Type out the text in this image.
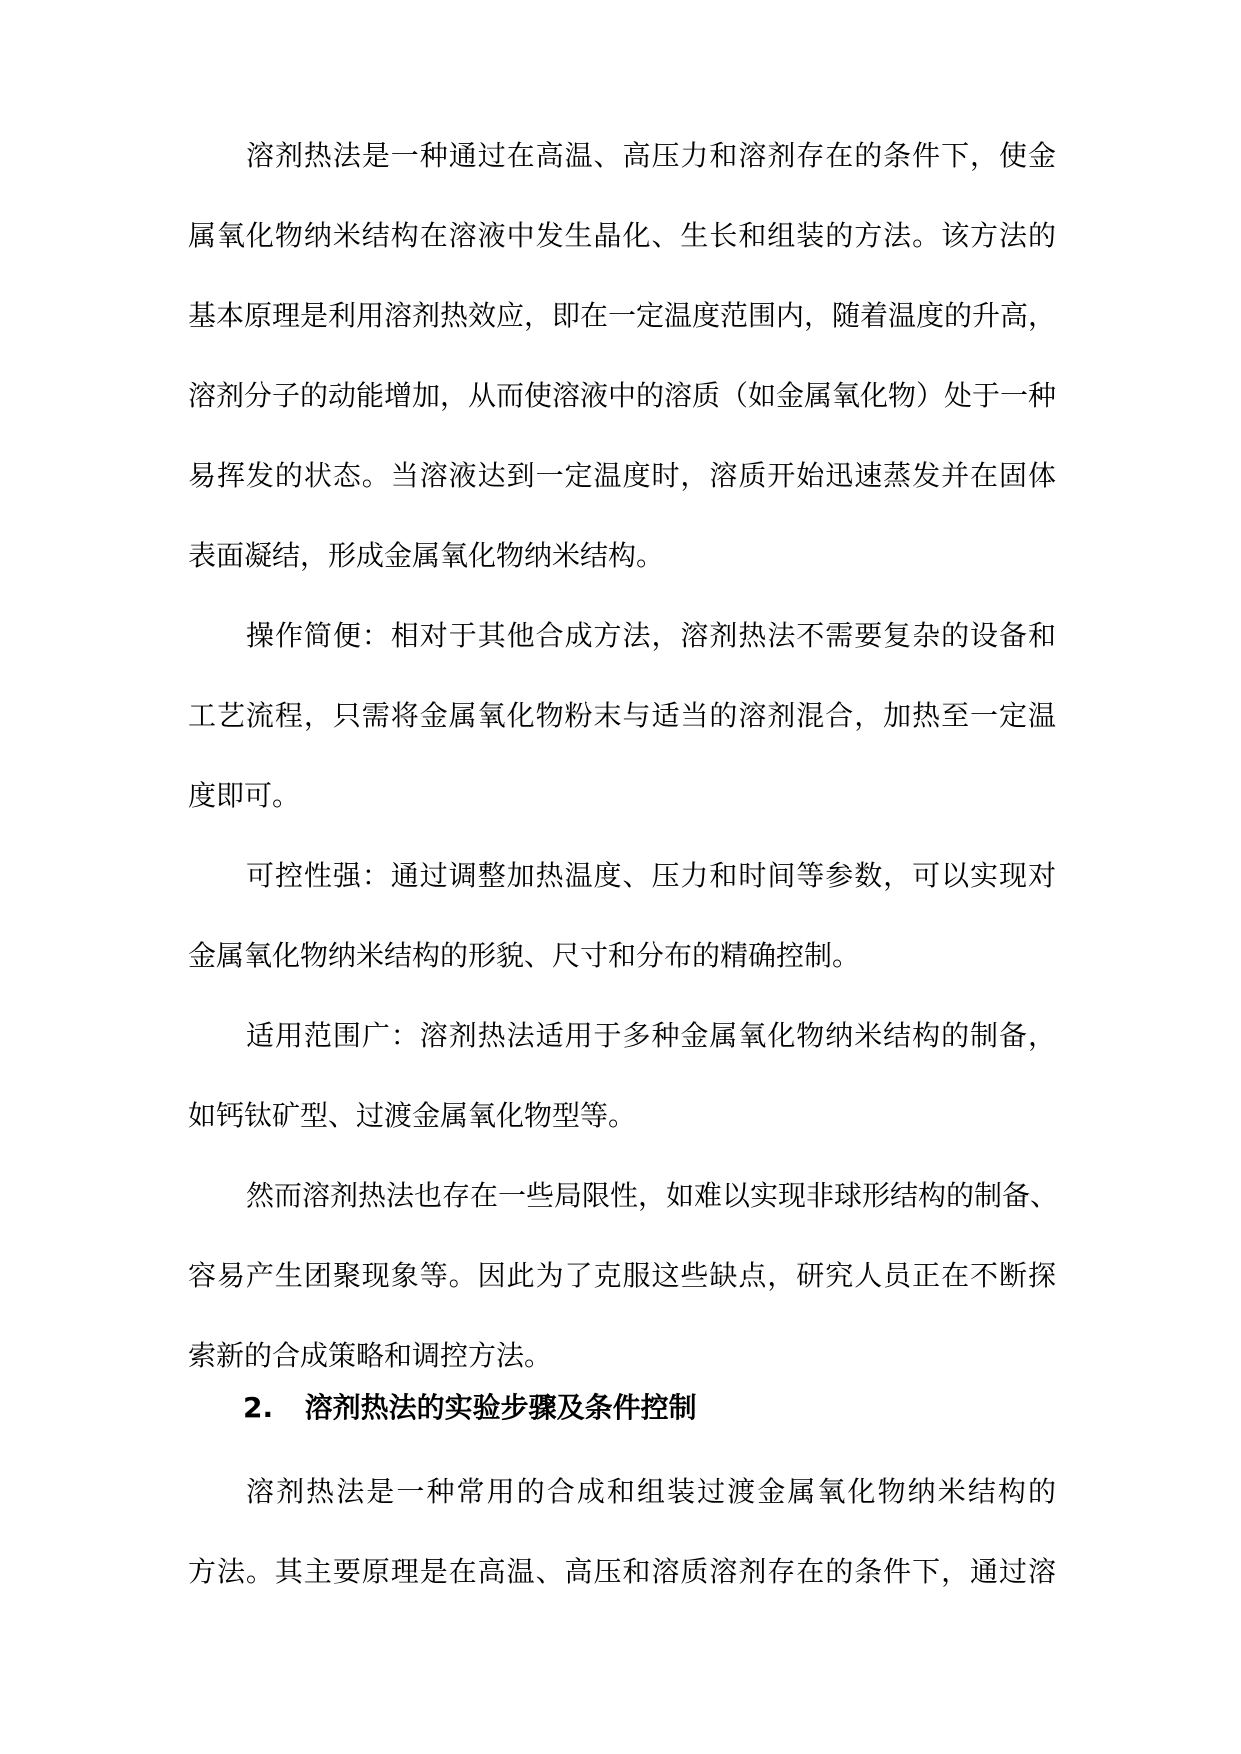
溶剂热法是一种通过在高温、高压力和溶剂存在的条件下，使金
属氧化物纳米结构在溶液中发生晶化、生长和组装的方法。该方法的
基本原理是利用溶剂热效应，即在一定温度范围内，随着温度的升高，
溶剂分子的动能增加，从而使溶液中的溶质（如金属氧化物）处于一种
易挥发的状态。当溶液达到一定温度时，溶质开始迅速蒸发并在固体
表面凝结，形成金属氧化物纳米结构。
操作简便：相对于其他合成方法，溶剂热法不需要复杂的设备和
工艺流程，只需将金属氧化物粉末与适当的溶剂混合，加热至一定温
度即可。
可控性强：通过调整加热温度、压力和时间等参数，可以实现对
金属氧化物纳米结构的形貌、尺寸和分布的精确控制。
适用范围广：溶剂热法适用于多种金属氧化物纳米结构的制备，
如钙钛矿型、过渡金属氧化物型等。
然而溶剂热法也存在一些局限性，如难以实现非球形结构的制备、
容易产生团聚现象等。因此为了克服这些缺点，研究人员正在不断探
索新的合成策略和调控方法。
2. 溶剂热法的实验步骤及条件控制
溶剂热法是一种常用的合成和组装过渡金属氧化物纳米结构的
方法。其主要原理是在高温、高压和溶质溶剂存在的条件下，通过溶
